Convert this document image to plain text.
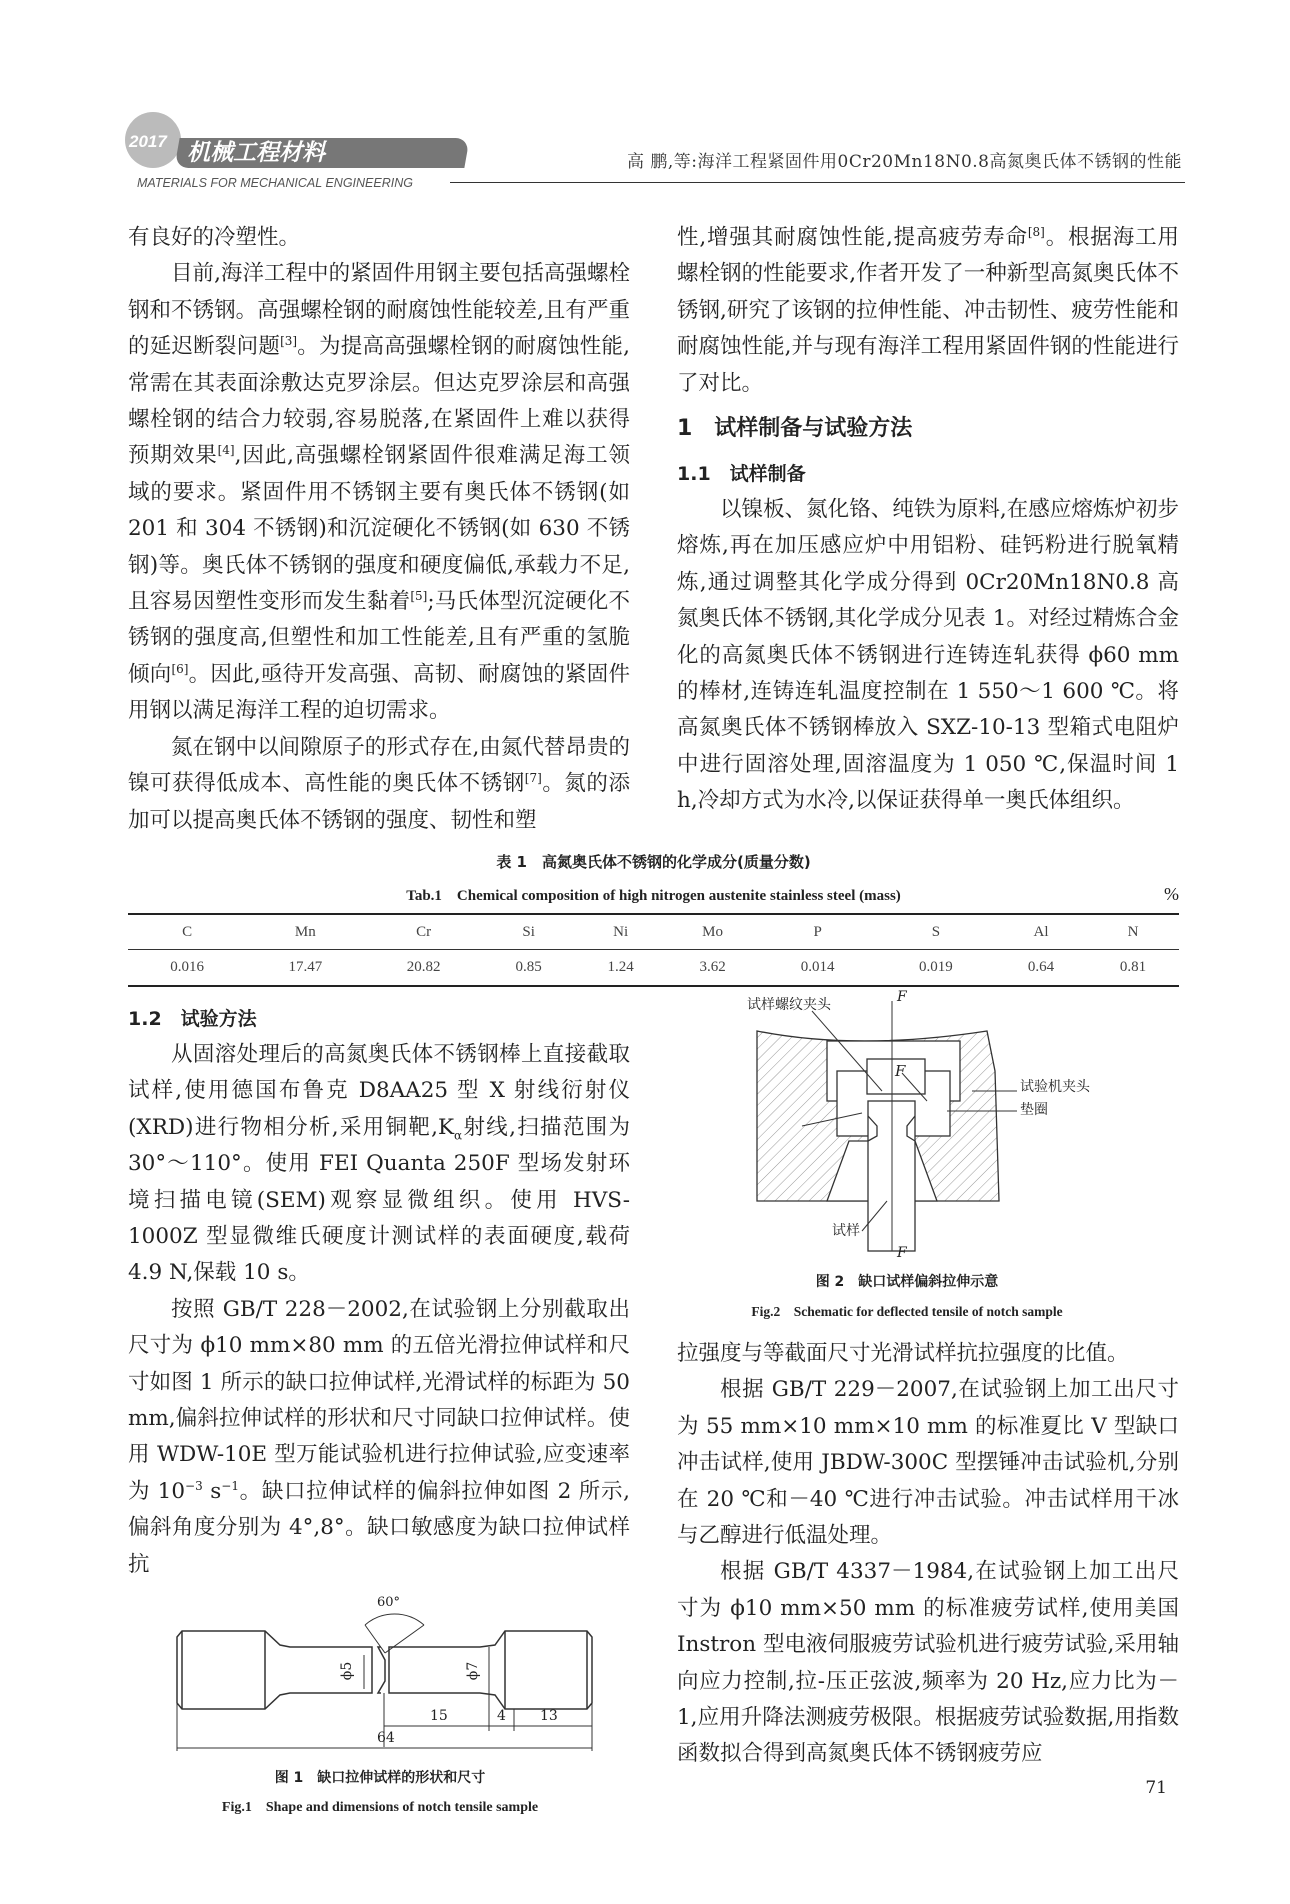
2017 机械工程材料
MATERIALS FOR MECHANICAL ENGINEERING
高 鹏,等:海洋工程紧固件用0Cr20Mn18N0.8高氮奥氏体不锈钢的性能

有良好的冷塑性。

目前,海洋工程中的紧固件用钢主要包括高强螺栓钢和不锈钢。高强螺栓钢的耐腐蚀性能较差,且有严重的延迟断裂问题[3]。为提高高强螺栓钢的耐腐蚀性能,常需在其表面涂敷达克罗涂层。但达克罗涂层和高强螺栓钢的结合力较弱,容易脱落,在紧固件上难以获得预期效果[4],因此,高强螺栓钢紧固件很难满足海工领域的要求。紧固件用不锈钢主要有奥氏体不锈钢(如 201 和 304 不锈钢)和沉淀硬化不锈钢(如 630 不锈钢)等。奥氏体不锈钢的强度和硬度偏低,承载力不足,且容易因塑性变形而发生黏着[5];马氏体型沉淀硬化不锈钢的强度高,但塑性和加工性能差,且有严重的氢脆倾向[6]。因此,亟待开发高强、高韧、耐腐蚀的紧固件用钢以满足海洋工程的迫切需求。

氮在钢中以间隙原子的形式存在,由氮代替昂贵的镍可获得低成本、高性能的奥氏体不锈钢[7]。氮的添加可以提高奥氏体不锈钢的强度、韧性和塑

性,增强其耐腐蚀性能,提高疲劳寿命[8]。根据海工用螺栓钢的性能要求,作者开发了一种新型高氮奥氏体不锈钢,研究了该钢的拉伸性能、冲击韧性、疲劳性能和耐腐蚀性能,并与现有海洋工程用紧固件钢的性能进行了对比。

1　试样制备与试验方法
1.1　试样制备

以镍板、氮化铬、纯铁为原料,在感应熔炼炉初步熔炼,再在加压感应炉中用铝粉、硅钙粉进行脱氧精炼,通过调整其化学成分得到 0Cr20Mn18N0.8 高氮奥氏体不锈钢,其化学成分见表 1。对经过精炼合金化的高氮奥氏体不锈钢进行连铸连轧获得 ϕ60 mm 的棒材,连铸连轧温度控制在 1 550～1 600 ℃。将高氮奥氏体不锈钢棒放入 SXZ-10-13 型箱式电阻炉中进行固溶处理,固溶温度为 1 050 ℃,保温时间 1 h,冷却方式为水冷,以保证获得单一奥氏体组织。

表 1　高氮奥氏体不锈钢的化学成分(质量分数)
Tab.1　Chemical composition of high nitrogen austenite stainless steel (mass)	%
C	Mn	Cr	Si	Ni	Mo	P	S	Al	N
0.016	17.47	20.82	0.85	1.24	3.62	0.014	0.019	0.64	0.81
1.2　试验方法

从固溶处理后的高氮奥氏体不锈钢棒上直接截取试样,使用德国布鲁克 D8AA25 型 X 射线衍射仪(XRD)进行物相分析,采用铜靶$,K_\alpha$射线,扫描范围为 30°～110°。使用 FEI Quanta 250F 型场发射环境扫描电镜(SEM)观察显微组织。使用 HVS-1000Z 型显微维氏硬度计测试样的表面硬度,载荷 4.9 N,保载 10 s。

按照 GB/T 228－2002,在试验钢上分别截取出尺寸为 ϕ10 mm×80 mm 的五倍光滑拉伸试样和尺寸如图 1 所示的缺口拉伸试样,光滑试样的标距为 50 mm,偏斜拉伸试样的形状和尺寸同缺口拉伸试样。使用 WDW-10E 型万能试验机进行拉伸试验,应变速率为 $10^{-3}$ $s^{-1}$。缺口拉伸试样的偏斜拉伸如图 2 所示,偏斜角度分别为 4°,8°。缺口敏感度为缺口拉伸试样抗

60°
ϕ5	ϕ7
15	4 13
64
图 1　缺口拉伸试样的形状和尺寸
Fig.1　Shape and dimensions of notch tensile sample
试样螺纹夹头	F
F
试验机夹头
垫圈
试样
F
图 2　缺口试样偏斜拉伸示意
Fig.2　Schematic for deflected tensile of notch sample

拉强度与等截面尺寸光滑试样抗拉强度的比值。

根据 GB/T 229－2007,在试验钢上加工出尺寸为 55 mm×10 mm×10 mm 的标准夏比 V 型缺口冲击试样,使用 JBDW-300C 型摆锤冲击试验机,分别在 20 ℃和－40 ℃进行冲击试验。冲击试样用干冰与乙醇进行低温处理。

根据 GB/T 4337－1984,在试验钢上加工出尺寸为 ϕ10 mm×50 mm 的标准疲劳试样,使用美国 Instron 型电液伺服疲劳试验机进行疲劳试验,采用轴向应力控制,拉-压正弦波,频率为 20 Hz,应力比为－1,应用升降法测疲劳极限。根据疲劳试验数据,用指数函数拟合得到高氮奥氏体不锈钢疲劳应

71
